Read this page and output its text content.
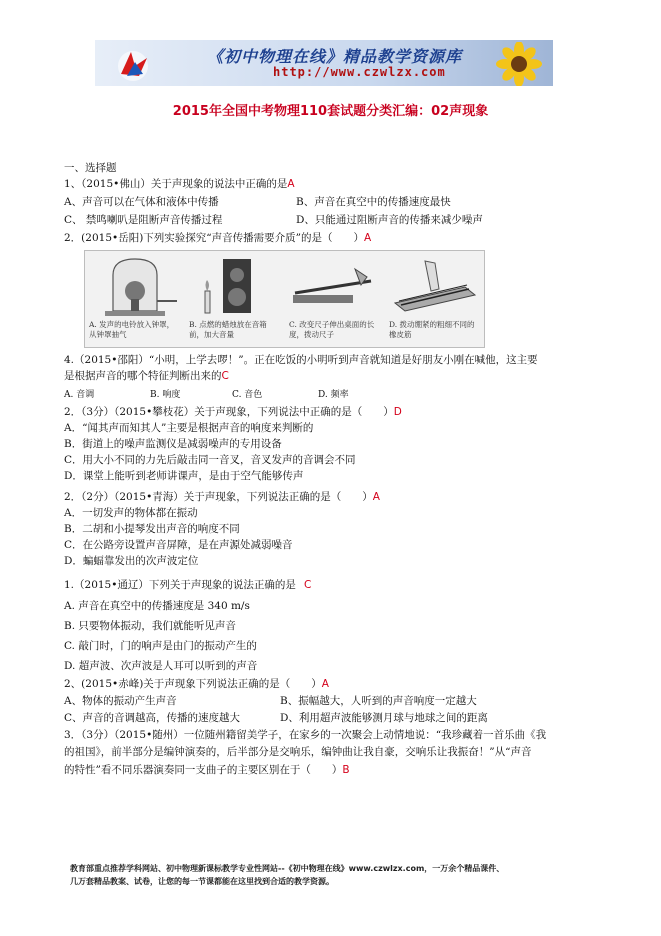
《初中物理在线》精品教学资源库
http://www.czwlzx.com
2015年全国中考物理110套试题分类汇编：02声现象
一、选择题
1、（2015•佛山）关于声现象的说法中正确的是A
A、声音可以在气体和液体中传播	B、声音在真空中的传播速度最快
C、 禁鸣喇叭是阻断声音传播过程	D、只能通过阻断声音的传播来减少噪声
2．(2015•岳阳)下列实验探究“声音传播需要介质”的是（　　）A
A. 发声的电铃放入钟罩，从钟罩抽气
B. 点燃的蜡烛放在音箱前，加大音量
C. 改变尺子伸出桌面的长度，拨动尺子
D. 拨动绷紧的粗细不同的橡皮筋
4.（2015•邵阳）“小明，上学去啰！”。正在吃饭的小明听到声音就知道是好朋友小刚在喊他，这主要
是根据声音的哪个特征判断出来的C
A. 音调	B. 响度	C. 音色	D. 频率
2．（3分）（2015•攀枝花）关于声现象，下列说法中正确的是（　　）D
A．“闻其声而知其人”主要是根据声音的响度来判断的
B．街道上的噪声监测仪是减弱噪声的专用设备
C．用大小不同的力先后敲击同一音叉，音叉发声的音调会不同
D．课堂上能听到老师讲课声，是由于空气能够传声
2．（2分）（2015•青海）关于声现象，下列说法正确的是（　　）A
A．一切发声的物体都在振动
B．二胡和小提琴发出声音的响度不同
C．在公路旁设置声音屏障，是在声源处减弱噪音
D．蝙蝠靠发出的次声波定位
1.（2015•通辽）下列关于声现象的说法正确的是 C
A. 声音在真空中的传播速度是 340 m/s
B. 只要物体振动，我们就能听见声音
C. 敲门时，门的响声是由门的振动产生的
D. 超声波、次声波是人耳可以听到的声音
2、(2015•赤峰)关于声现象下列说法正确的是（　　）A
A、物体的振动产生声音	B、振幅越大，人听到的声音响度一定越大
C、声音的音调越高，传播的速度越大	D、利用超声波能够测月球与地球之间的距离
3．（3分）（2015•随州）一位随州籍留美学子，在家乡的一次聚会上动情地说：“我珍藏着一首乐曲《我
的祖国》，前半部分是编钟演奏的，后半部分是交响乐，编钟曲让我自豪，交响乐让我振奋！”从“声音
的特性”看不同乐器演奏同一支曲子的主要区别在于（　　）B
教育部重点推荐学科网站、初中物理新课标教学专业性网站--《初中物理在线》www.czwlzx.com，一万余个精品课件、
几万套精品教案、试卷，让您的每一节课都能在这里找到合适的教学资源。
